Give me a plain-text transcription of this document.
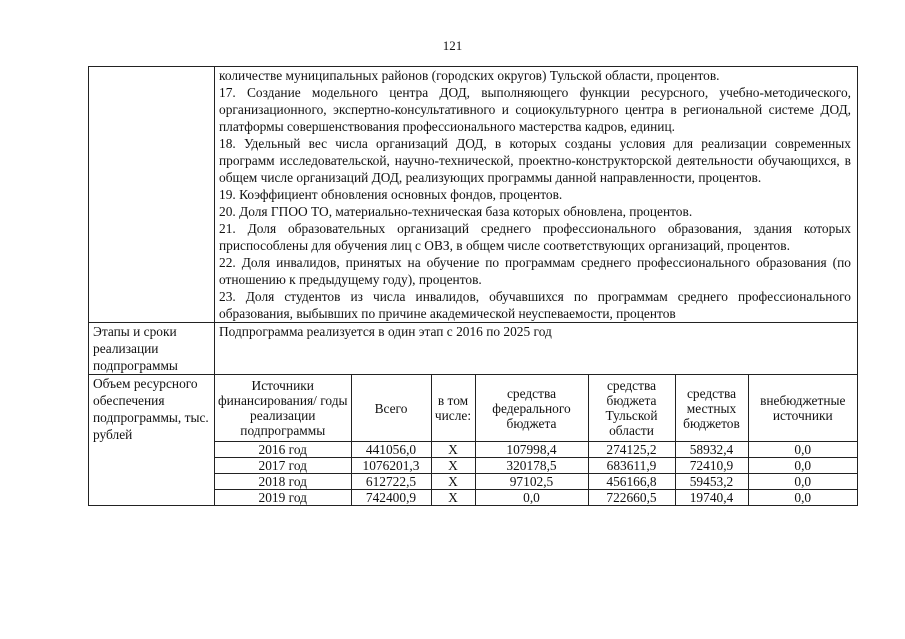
121

количестве муниципальных районов (городских округов) Тульской области, процентов.

17. Создание модельного центра ДОД, выполняющего функции ресурсного, учебно-методического, организационного, экспертно-консультативного и социокультурного центра в региональной системе ДОД, платформы совершенствования профессионального мастерства кадров, единиц.

18. Удельный вес числа организаций ДОД, в которых созданы условия для реализации современных программ исследовательской, научно-технической, проектно-конструкторской деятельности обучающихся, в общем числе организаций ДОД, реализующих программы данной направленности, процентов.

19. Коэффициент обновления основных фондов, процентов.

20. Доля ГПОО ТО, материально-техническая база которых обновлена, процентов.

21. Доля образовательных организаций среднего профессионального образования, здания которых приспособлены для обучения лиц с ОВЗ, в общем числе соответствующих организаций, процентов.

22. Доля инвалидов, принятых на обучение по программам среднего профессионального образования (по отношению к предыдущему году), процентов.

23. Доля студентов из числа инвалидов, обучавшихся по программам среднего профессионального образования, выбывших по причине академической неуспеваемости, процентов

Этапы и сроки реализации подпрограммы	Подпрограмма реализуется в один этап с 2016 по 2025 год
Объем ресурсного обеспечения подпрограммы, тыс. рублей	
Источники финансирования/ годы реализации подпрограммы	Всего	в том числе:	средства федерального бюджета	средства бюджета Тульской области	средства местных бюджетов	внебюджетные источники
2016 год	441056,0	Х	107998,4	274125,2	58932,4	0,0
2017 год	1076201,3	Х	320178,5	683611,9	72410,9	0,0
2018 год	612722,5	Х	97102,5	456166,8	59453,2	0,0
2019 год	742400,9	Х	0,0	722660,5	19740,4	0,0
